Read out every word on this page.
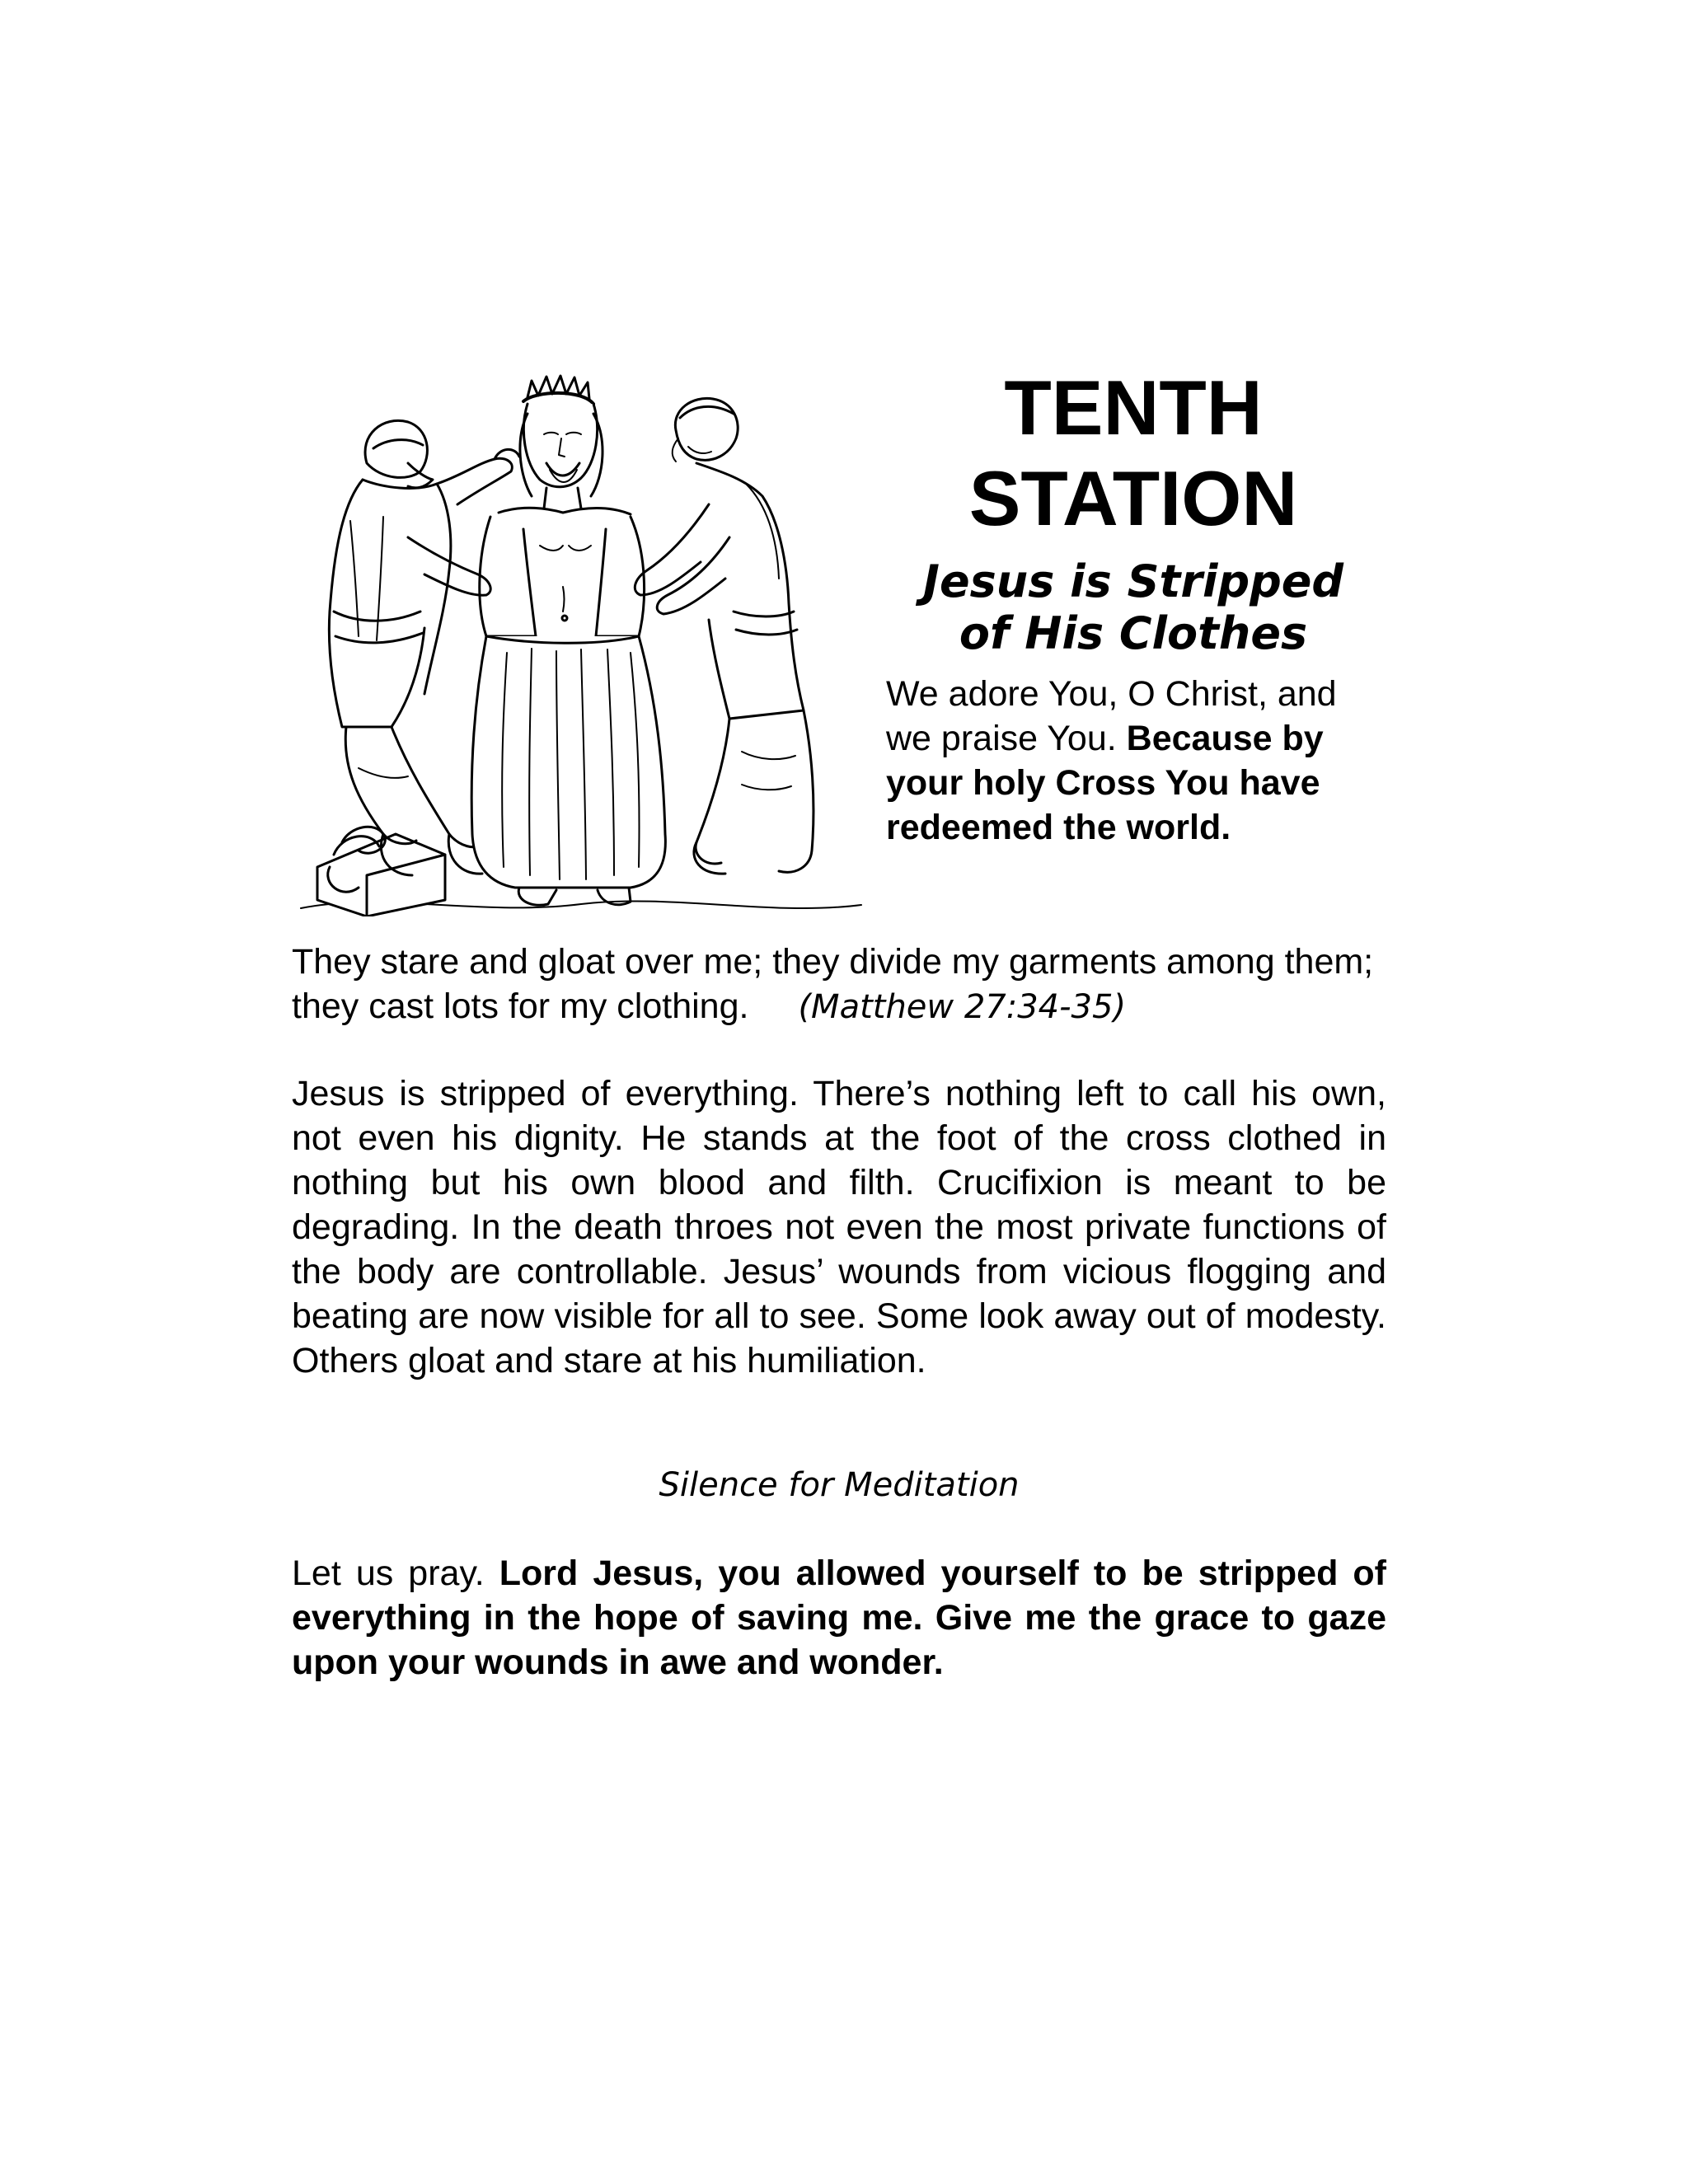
TENTH
STATION
Jesus is Stripped
of His Clothes
We adore You, O Christ, and we praise You. Because by your holy Cross You have redeemed the world.
They stare and gloat over me; they divide my garments among them; they cast lots for my clothing. (Matthew 27:34-35)
Jesus is stripped of everything. There’s nothing left to call his own, not even his dignity. He stands at the foot of the cross clothed in nothing but his own blood and filth. Crucifixion is meant to be degrading. In the death throes not even the most private functions of the body are controllable. Jesus’ wounds from vicious flogging and beating are now visible for all to see. Some look away out of modesty. Others gloat and stare at his humiliation.
Silence for Meditation
Let us pray. Lord Jesus, you allowed yourself to be stripped of everything in the hope of saving me. Give me the grace to gaze upon your wounds in awe and wonder.
